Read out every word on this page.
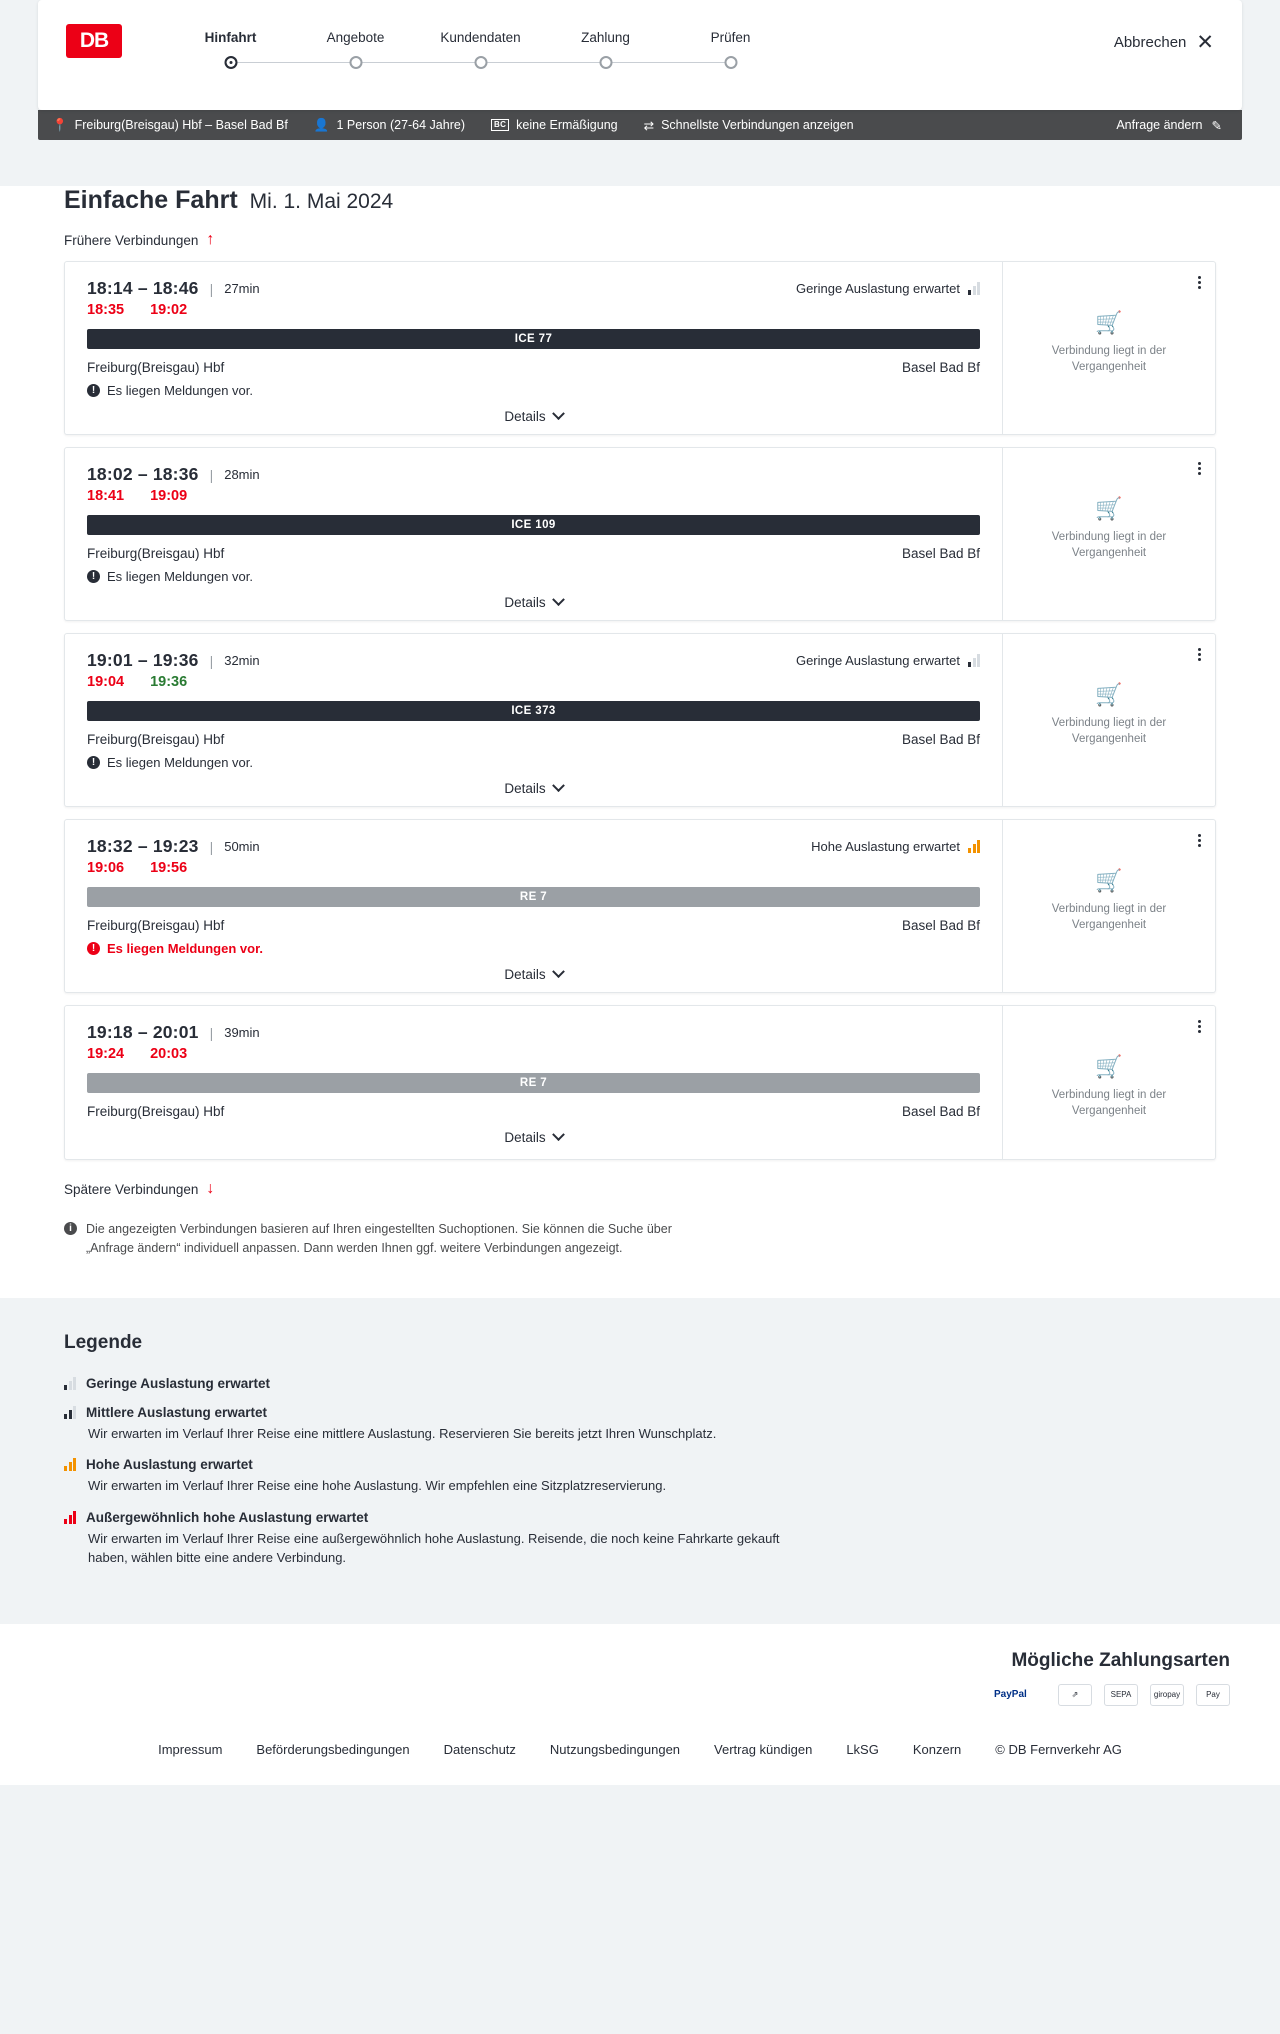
DB	Hinfahrt	Angebote	Kundendaten	Zahlung	Prüfen	Abbrechen ✕
📍 Freiburg(Breisgau) Hbf – Basel Bad Bf 👤 1 Person (27-64 Jahre)	BC keine Ermäßigung ⇄ Schnellste Verbindungen anzeigen	Anfrage ändern ✎
Einfache Fahrt Mi. 1. Mai 2024
Frühere Verbindungen ↑
18:14 – 18:46 | 27min	Geringe Auslastung erwartet
18:35 19:02
ICE 77
Freiburg(Breisgau) Hbf	Basel Bad Bf
! Es liegen Meldungen vor.
Details
🛒
Verbindung liegt in der Vergangenheit
18:02 – 18:36 | 28min
18:41 19:09
ICE 109
Freiburg(Breisgau) Hbf	Basel Bad Bf
! Es liegen Meldungen vor.
Details
🛒
Verbindung liegt in der Vergangenheit
19:01 – 19:36 | 32min	Geringe Auslastung erwartet
19:04 19:36
ICE 373
Freiburg(Breisgau) Hbf	Basel Bad Bf
! Es liegen Meldungen vor.
Details
🛒
Verbindung liegt in der Vergangenheit
18:32 – 19:23 | 50min	Hohe Auslastung erwartet
19:06 19:56
RE 7
Freiburg(Breisgau) Hbf	Basel Bad Bf
! Es liegen Meldungen vor.
Details
🛒
Verbindung liegt in der Vergangenheit
19:18 – 20:01 | 39min
19:24 20:03
RE 7
Freiburg(Breisgau) Hbf	Basel Bad Bf
Details
🛒
Verbindung liegt in der Vergangenheit
Spätere Verbindungen ↓
i	Die angezeigten Verbindungen basieren auf Ihren eingestellten Suchoptionen. Sie können die Suche über „Anfrage ändern“ individuell anpassen. Dann werden Ihnen ggf. weitere Verbindungen angezeigt.
Legende
Geringe Auslastung erwartet
Mittlere Auslastung erwartet
Wir erwarten im Verlauf Ihrer Reise eine mittlere Auslastung. Reservieren Sie bereits jetzt Ihren Wunschplatz.
Hohe Auslastung erwartet
Wir erwarten im Verlauf Ihrer Reise eine hohe Auslastung. Wir empfehlen eine Sitzplatzreservierung.
Außergewöhnlich hohe Auslastung erwartet
Wir erwarten im Verlauf Ihrer Reise eine außergewöhnlich hohe Auslastung. Reisende, die noch keine Fahrkarte gekauft haben, wählen bitte eine andere Verbindung.
Mögliche Zahlungsarten
PayPal	⇗	SEPA	giropay	Pay
Impressum	Beförderungsbedingungen	Datenschutz	Nutzungsbedingungen	Vertrag kündigen	LkSG	Konzern	© DB Fernverkehr AG
